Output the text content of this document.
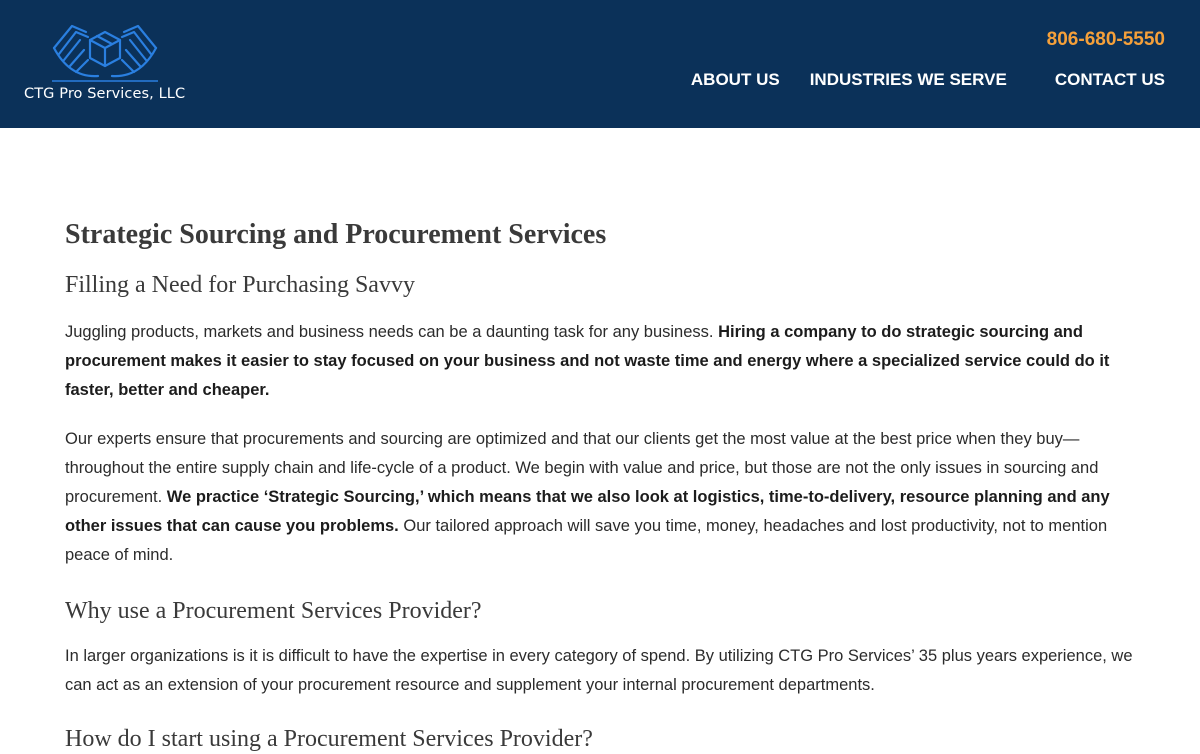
CTG Pro Services, LLC
806-680-5550
ABOUT US INDUSTRIES WE SERVE	CONTACT US
Strategic Sourcing and Procurement Services
Filling a Need for Purchasing Savvy

Juggling products, markets and business needs can be a daunting task for any business. Hiring a company to do strategic sourcing and procurement makes it easier to stay focused on your business and not waste time and energy where a specialized service could do it faster, better and cheaper.

Our experts ensure that procurements and sourcing are optimized and that our clients get the most value at the best price when they buy—throughout the entire supply chain and life-cycle of a product. We begin with value and price, but those are not the only issues in sourcing and procurement. We practice ‘Strategic Sourcing,’ which means that we also look at logistics, time-to-delivery, resource planning and any other issues that can cause you problems. Our tailored approach will save you time, money, headaches and lost productivity, not to mention peace of mind.

Why use a Procurement Services Provider?

In larger organizations is it is difficult to have the expertise in every category of spend. By utilizing CTG Pro Services’ 35 plus years experience, we can act as an extension of your procurement resource and supplement your internal procurement departments.

How do I start using a Procurement Services Provider?
